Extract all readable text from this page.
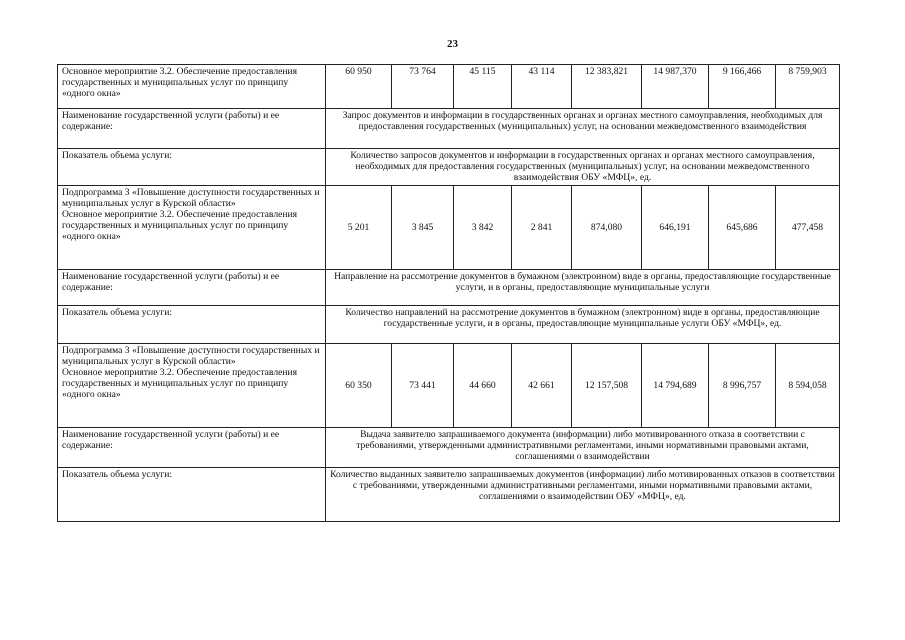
23
Основное мероприятие 3.2. Обеспечение предоставления государственных и муниципальных услуг по принципу «одного окна»	60 950	73 764	45 115	43 114	12 383,821	14 987,370	9 166,466	8 759,903
Наименование государственной услуги (работы) и ее содержание:	Запрос документов и информации в государственных органах и органах местного самоуправления, необходимых для предоставления государственных (муниципальных) услуг, на основании межведомственного взаимодействия							
Показатель объема услуги:	Количество запросов документов и информации в государственных органах и органах местного самоуправления, необходимых для предоставления государственных (муниципальных) услуг, на основании межведомственного взаимодействия ОБУ «МФЦ», ед.							

Подпрограмма 3 «Повышение доступности государственных и муниципальных услуг в Курской области»
Основное мероприятие 3.2. Обеспечение предоставления государственных и муниципальных услуг по принципу «одного окна»	5 201	3 845	3 842	2 841	874,080	646,191	645,686	477,458
Наименование государственной услуги (работы) и ее содержание:	Направление на рассмотрение документов в бумажном (электронном) виде в органы, предоставляющие государственные услуги, и в органы, предоставляющие муниципальные услуги							
Показатель объема услуги:	Количество направлений на рассмотрение документов в бумажном (электронном) виде в органы, предоставляющие государственные услуги, и в органы, предоставляющие муниципальные услуги ОБУ «МФЦ», ед.							

Подпрограмма 3 «Повышение доступности государственных и муниципальных услуг в Курской области»
Основное мероприятие 3.2. Обеспечение предоставления государственных и муниципальных услуг по принципу «одного окна»	60 350	73 441	44 660	42 661	12 157,508	14 794,689	8 996,757	8 594,058
Наименование государственной услуги (работы) и ее содержание:	Выдача заявителю запрашиваемого документа (информации) либо мотивированного отказа в соответствии с требованиями, утвержденными административными регламентами, иными нормативными правовыми актами, соглашениями о взаимодействии							
Показатель объема услуги:	Количество выданных заявителю запрашиваемых документов (информации) либо мотивированных отказов в соответствии с требованиями, утвержденными административными регламентами, иными нормативными правовыми актами, соглашениями о взаимодействии ОБУ «МФЦ», ед.							
